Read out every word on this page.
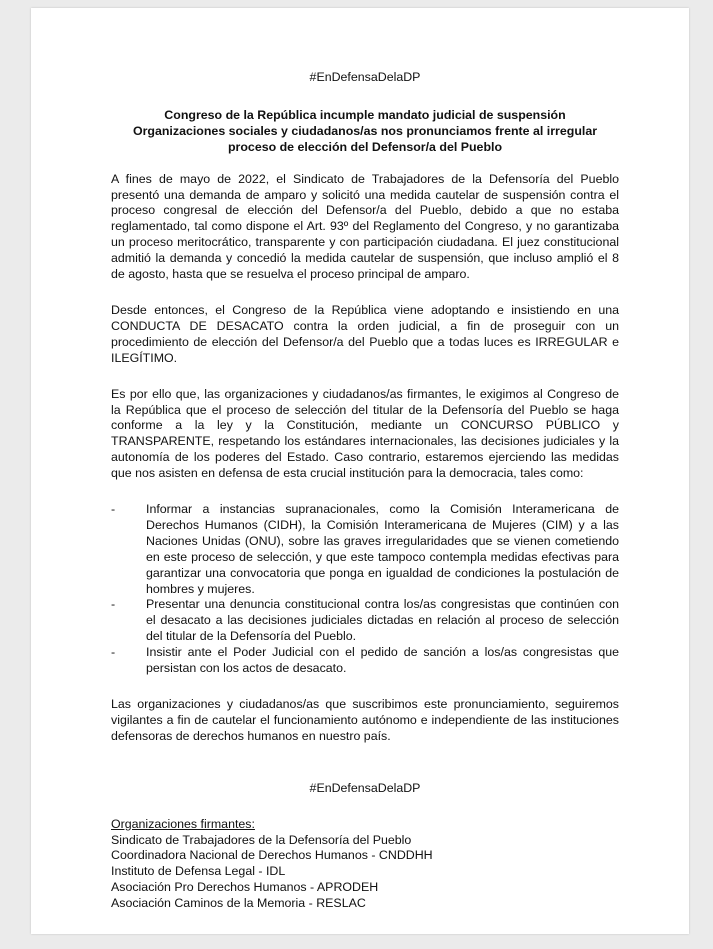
#EnDefensaDelaDP

Congreso de la República incumple mandato judicial de suspensión
Organizaciones sociales y ciudadanos/as nos pronunciamos frente al irregular
proceso de elección del Defensor/a del Pueblo

A fines de mayo de 2022, el Sindicato de Trabajadores de la Defensoría del Pueblo presentó una demanda de amparo y solicitó una medida cautelar de suspensión contra el proceso congresal de elección del Defensor/a del Pueblo, debido a que no estaba reglamentado, tal como dispone el Art. 93º del Reglamento del Congreso, y no garantizaba un proceso meritocrático, transparente y con participación ciudadana. El juez constitucional admitió la demanda y concedió la medida cautelar de suspensión, que incluso amplió el 8 de agosto, hasta que se resuelva el proceso principal de amparo.

Desde entonces, el Congreso de la República viene adoptando e insistiendo en una CONDUCTA DE DESACATO contra la orden judicial, a fin de proseguir con un procedimiento de elección del Defensor/a del Pueblo que a todas luces es IRREGULAR e ILEGÍTIMO.

Es por ello que, las organizaciones y ciudadanos/as firmantes, le exigimos al Congreso de la República que el proceso de selección del titular de la Defensoría del Pueblo se haga conforme a la ley y la Constitución, mediante un CONCURSO PÚBLICO y TRANSPARENTE, respetando los estándares internacionales, las decisiones judiciales y la autonomía de los poderes del Estado. Caso contrario, estaremos ejerciendo las medidas que nos asisten en defensa de esta crucial institución para la democracia, tales como:

- Informar a instancias supranacionales, como la Comisión Interamericana de Derechos Humanos (CIDH), la Comisión Interamericana de Mujeres (CIM) y a las Naciones Unidas (ONU), sobre las graves irregularidades que se vienen cometiendo en este proceso de selección, y que este tampoco contempla medidas efectivas para garantizar una convocatoria que ponga en igualdad de condiciones la postulación de hombres y mujeres.
- Presentar una denuncia constitucional contra los/as congresistas que continúen con el desacato a las decisiones judiciales dictadas en relación al proceso de selección del titular de la Defensoría del Pueblo.
- Insistir ante el Poder Judicial con el pedido de sanción a los/as congresistas que persistan con los actos de desacato.

Las organizaciones y ciudadanos/as que suscribimos este pronunciamiento, seguiremos vigilantes a fin de cautelar el funcionamiento autónomo e independiente de las instituciones defensoras de derechos humanos en nuestro país.

#EnDefensaDelaDP

Organizaciones firmantes:
Sindicato de Trabajadores de la Defensoría del Pueblo
Coordinadora Nacional de Derechos Humanos - CNDDHH
Instituto de Defensa Legal - IDL
Asociación Pro Derechos Humanos - APRODEH
Asociación Caminos de la Memoria - RESLAC
